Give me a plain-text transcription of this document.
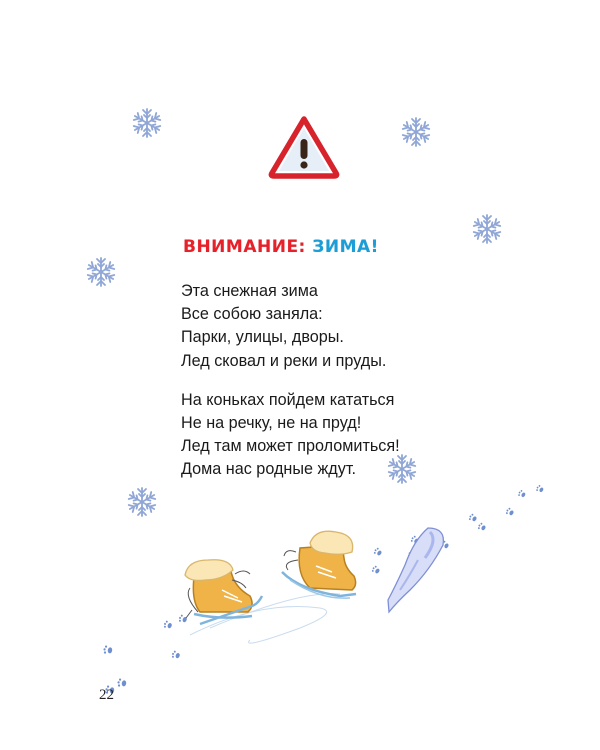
ВНИМАНИЕ: ЗИМА!
Эта снежная зима
Все собою заняла:
Парки, улицы, дворы.
Лед сковал и реки и пруды.
На коньках пойдем кататься
Не на речку, не на пруд!
Лед там может проломиться!
Дома нас родные ждут.
22
